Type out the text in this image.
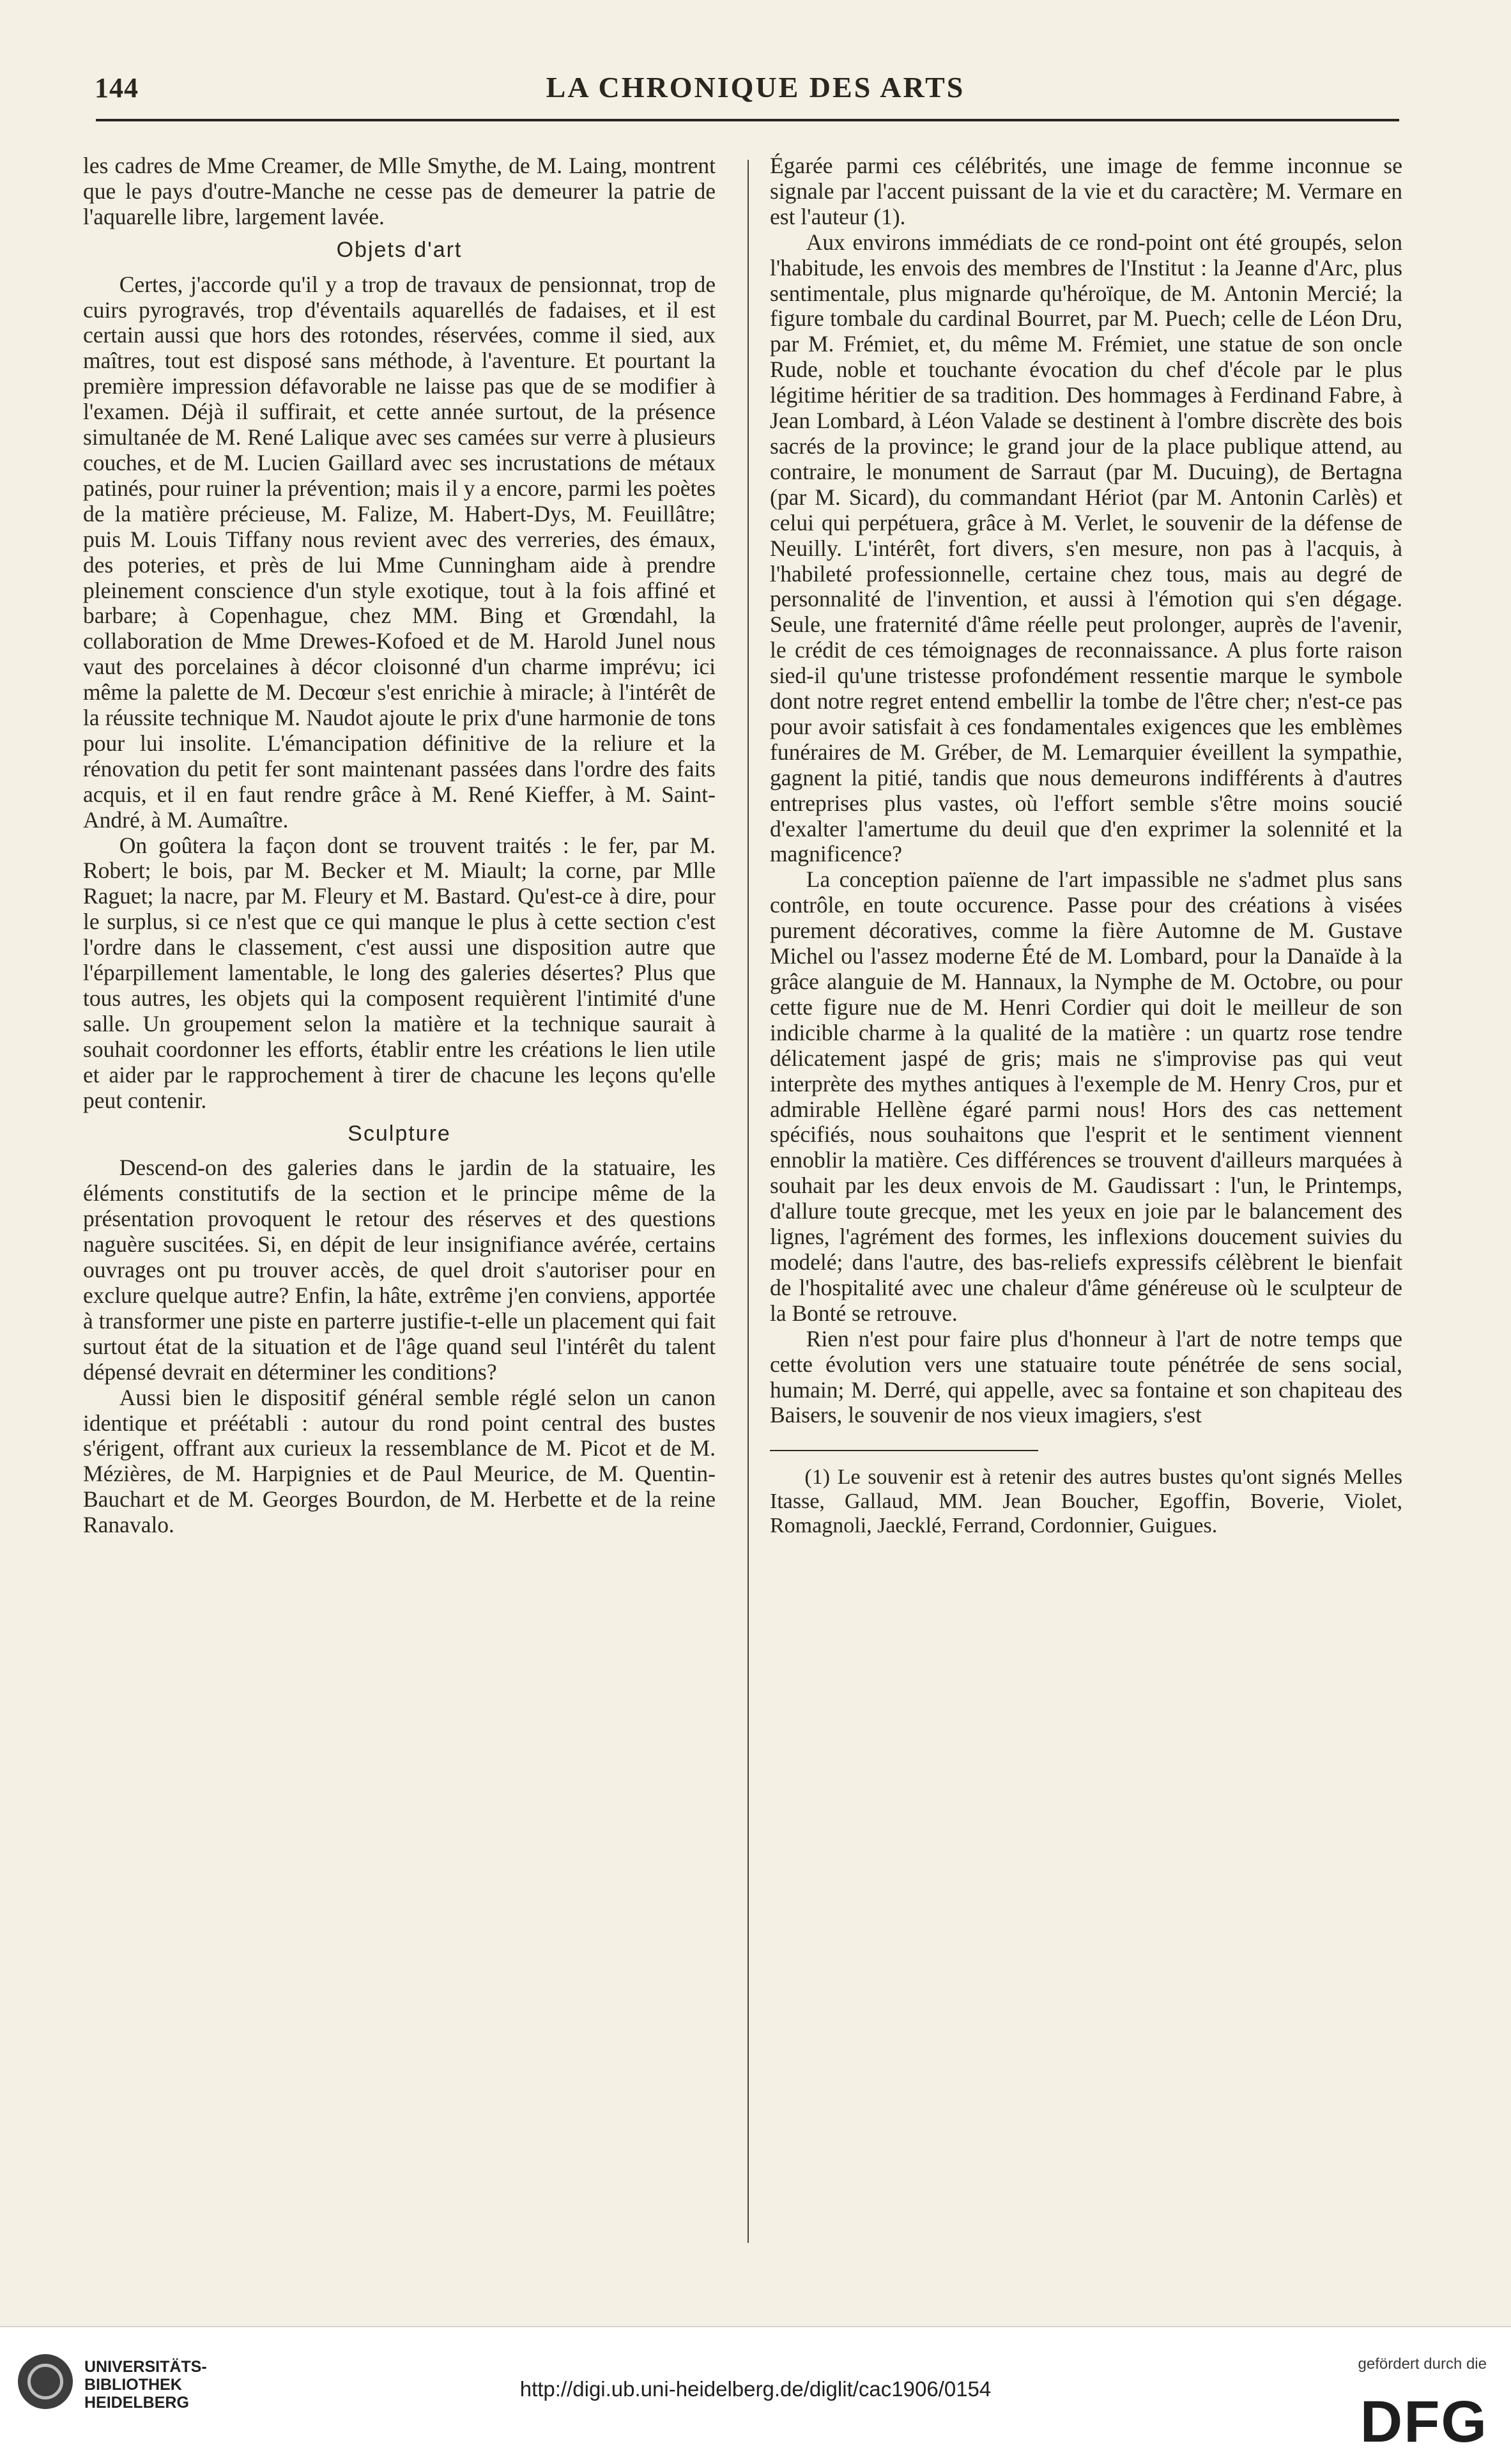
144	LA CHRONIQUE DES ARTS

les cadres de Mme Creamer, de Mlle Smythe, de M. Laing, montrent que le pays d'outre-Manche ne cesse pas de demeurer la patrie de l'aquarelle libre, largement lavée.

Objets d'art

Certes, j'accorde qu'il y a trop de travaux de pensionnat, trop de cuirs pyrogravés, trop d'éventails aquarellés de fadaises, et il est certain aussi que hors des rotondes, réservées, comme il sied, aux maîtres, tout est disposé sans méthode, à l'aventure. Et pourtant la première impression défavorable ne laisse pas que de se modifier à l'examen. Déjà il suffirait, et cette année surtout, de la présence simultanée de M. René Lalique avec ses camées sur verre à plusieurs couches, et de M. Lucien Gaillard avec ses incrustations de métaux patinés, pour ruiner la prévention; mais il y a encore, parmi les poètes de la matière précieuse, M. Falize, M. Habert-Dys, M. Feuillâtre; puis M. Louis Tiffany nous revient avec des verreries, des émaux, des poteries, et près de lui Mme Cunningham aide à prendre pleinement conscience d'un style exotique, tout à la fois affiné et barbare; à Copenhague, chez MM. Bing et Grœndahl, la collaboration de Mme Drewes-Kofoed et de M. Harold Junel nous vaut des porcelaines à décor cloisonné d'un charme imprévu; ici même la palette de M. Decœur s'est enrichie à miracle; à l'intérêt de la réussite technique M. Naudot ajoute le prix d'une harmonie de tons pour lui insolite. L'émancipation définitive de la reliure et la rénovation du petit fer sont maintenant passées dans l'ordre des faits acquis, et il en faut rendre grâce à M. René Kieffer, à M. Saint-André, à M. Aumaître.

On goûtera la façon dont se trouvent traités : le fer, par M. Robert; le bois, par M. Becker et M. Miault; la corne, par Mlle Raguet; la nacre, par M. Fleury et M. Bastard. Qu'est-ce à dire, pour le surplus, si ce n'est que ce qui manque le plus à cette section c'est l'ordre dans le classement, c'est aussi une disposition autre que l'éparpillement lamentable, le long des galeries désertes? Plus que tous autres, les objets qui la composent requièrent l'intimité d'une salle. Un groupement selon la matière et la technique saurait à souhait coordonner les efforts, établir entre les créations le lien utile et aider par le rapprochement à tirer de chacune les leçons qu'elle peut contenir.

Sculpture

Descend-on des galeries dans le jardin de la statuaire, les éléments constitutifs de la section et le principe même de la présentation provoquent le retour des réserves et des questions naguère suscitées. Si, en dépit de leur insignifiance avérée, certains ouvrages ont pu trouver accès, de quel droit s'autoriser pour en exclure quelque autre? Enfin, la hâte, extrême j'en conviens, apportée à transformer une piste en parterre justifie-t-elle un placement qui fait surtout état de la situation et de l'âge quand seul l'intérêt du talent dépensé devrait en déterminer les conditions?

Aussi bien le dispositif général semble réglé selon un canon identique et préétabli : autour du rond point central des bustes s'érigent, offrant aux curieux la ressemblance de M. Picot et de M. Mézières, de M. Harpignies et de Paul Meurice, de M. Quentin-Bauchart et de M. Georges Bourdon, de M. Herbette et de la reine Ranavalo.

Égarée parmi ces célébrités, une image de femme inconnue se signale par l'accent puissant de la vie et du caractère; M. Vermare en est l'auteur (1).

Aux environs immédiats de ce rond-point ont été groupés, selon l'habitude, les envois des membres de l'Institut : la Jeanne d'Arc, plus sentimentale, plus mignarde qu'héroïque, de M. Antonin Mercié; la figure tombale du cardinal Bourret, par M. Puech; celle de Léon Dru, par M. Frémiet, et, du même M. Frémiet, une statue de son oncle Rude, noble et touchante évocation du chef d'école par le plus légitime héritier de sa tradition. Des hommages à Ferdinand Fabre, à Jean Lombard, à Léon Valade se destinent à l'ombre discrète des bois sacrés de la province; le grand jour de la place publique attend, au contraire, le monument de Sarraut (par M. Ducuing), de Bertagna (par M. Sicard), du commandant Hériot (par M. Antonin Carlès) et celui qui perpétuera, grâce à M. Verlet, le souvenir de la défense de Neuilly. L'intérêt, fort divers, s'en mesure, non pas à l'acquis, à l'habileté professionnelle, certaine chez tous, mais au degré de personnalité de l'invention, et aussi à l'émotion qui s'en dégage. Seule, une fraternité d'âme réelle peut prolonger, auprès de l'avenir, le crédit de ces témoignages de reconnaissance. A plus forte raison sied-il qu'une tristesse profondément ressentie marque le symbole dont notre regret entend embellir la tombe de l'être cher; n'est-ce pas pour avoir satisfait à ces fondamentales exigences que les emblèmes funéraires de M. Gréber, de M. Lemarquier éveillent la sympathie, gagnent la pitié, tandis que nous demeurons indifférents à d'autres entreprises plus vastes, où l'effort semble s'être moins soucié d'exalter l'amertume du deuil que d'en exprimer la solennité et la magnificence?

La conception païenne de l'art impassible ne s'admet plus sans contrôle, en toute occurence. Passe pour des créations à visées purement décoratives, comme la fière Automne de M. Gustave Michel ou l'assez moderne Été de M. Lombard, pour la Danaïde à la grâce alanguie de M. Hannaux, la Nymphe de M. Octobre, ou pour cette figure nue de M. Henri Cordier qui doit le meilleur de son indicible charme à la qualité de la matière : un quartz rose tendre délicatement jaspé de gris; mais ne s'improvise pas qui veut interprète des mythes antiques à l'exemple de M. Henry Cros, pur et admirable Hellène égaré parmi nous! Hors des cas nettement spécifiés, nous souhaitons que l'esprit et le sentiment viennent ennoblir la matière. Ces différences se trouvent d'ailleurs marquées à souhait par les deux envois de M. Gaudissart : l'un, le Printemps, d'allure toute grecque, met les yeux en joie par le balancement des lignes, l'agrément des formes, les inflexions doucement suivies du modelé; dans l'autre, des bas-reliefs expressifs célèbrent le bienfait de l'hospitalité avec une chaleur d'âme généreuse où le sculpteur de la Bonté se retrouve.

Rien n'est pour faire plus d'honneur à l'art de notre temps que cette évolution vers une statuaire toute pénétrée de sens social, humain; M. Derré, qui appelle, avec sa fontaine et son chapiteau des Baisers, le souvenir de nos vieux imagiers, s'est

(1) Le souvenir est à retenir des autres bustes qu'ont signés Melles Itasse, Gallaud, MM. Jean Boucher, Egoffin, Boverie, Violet, Romagnoli, Jaecklé, Ferrand, Cordonnier, Guigues.

UNIVERSITÄTS-
BIBLIOTHEK
HEIDELBERG
http://digi.ub.uni-heidelberg.de/diglit/cac1906/0154
gefördert durch die
DFG
